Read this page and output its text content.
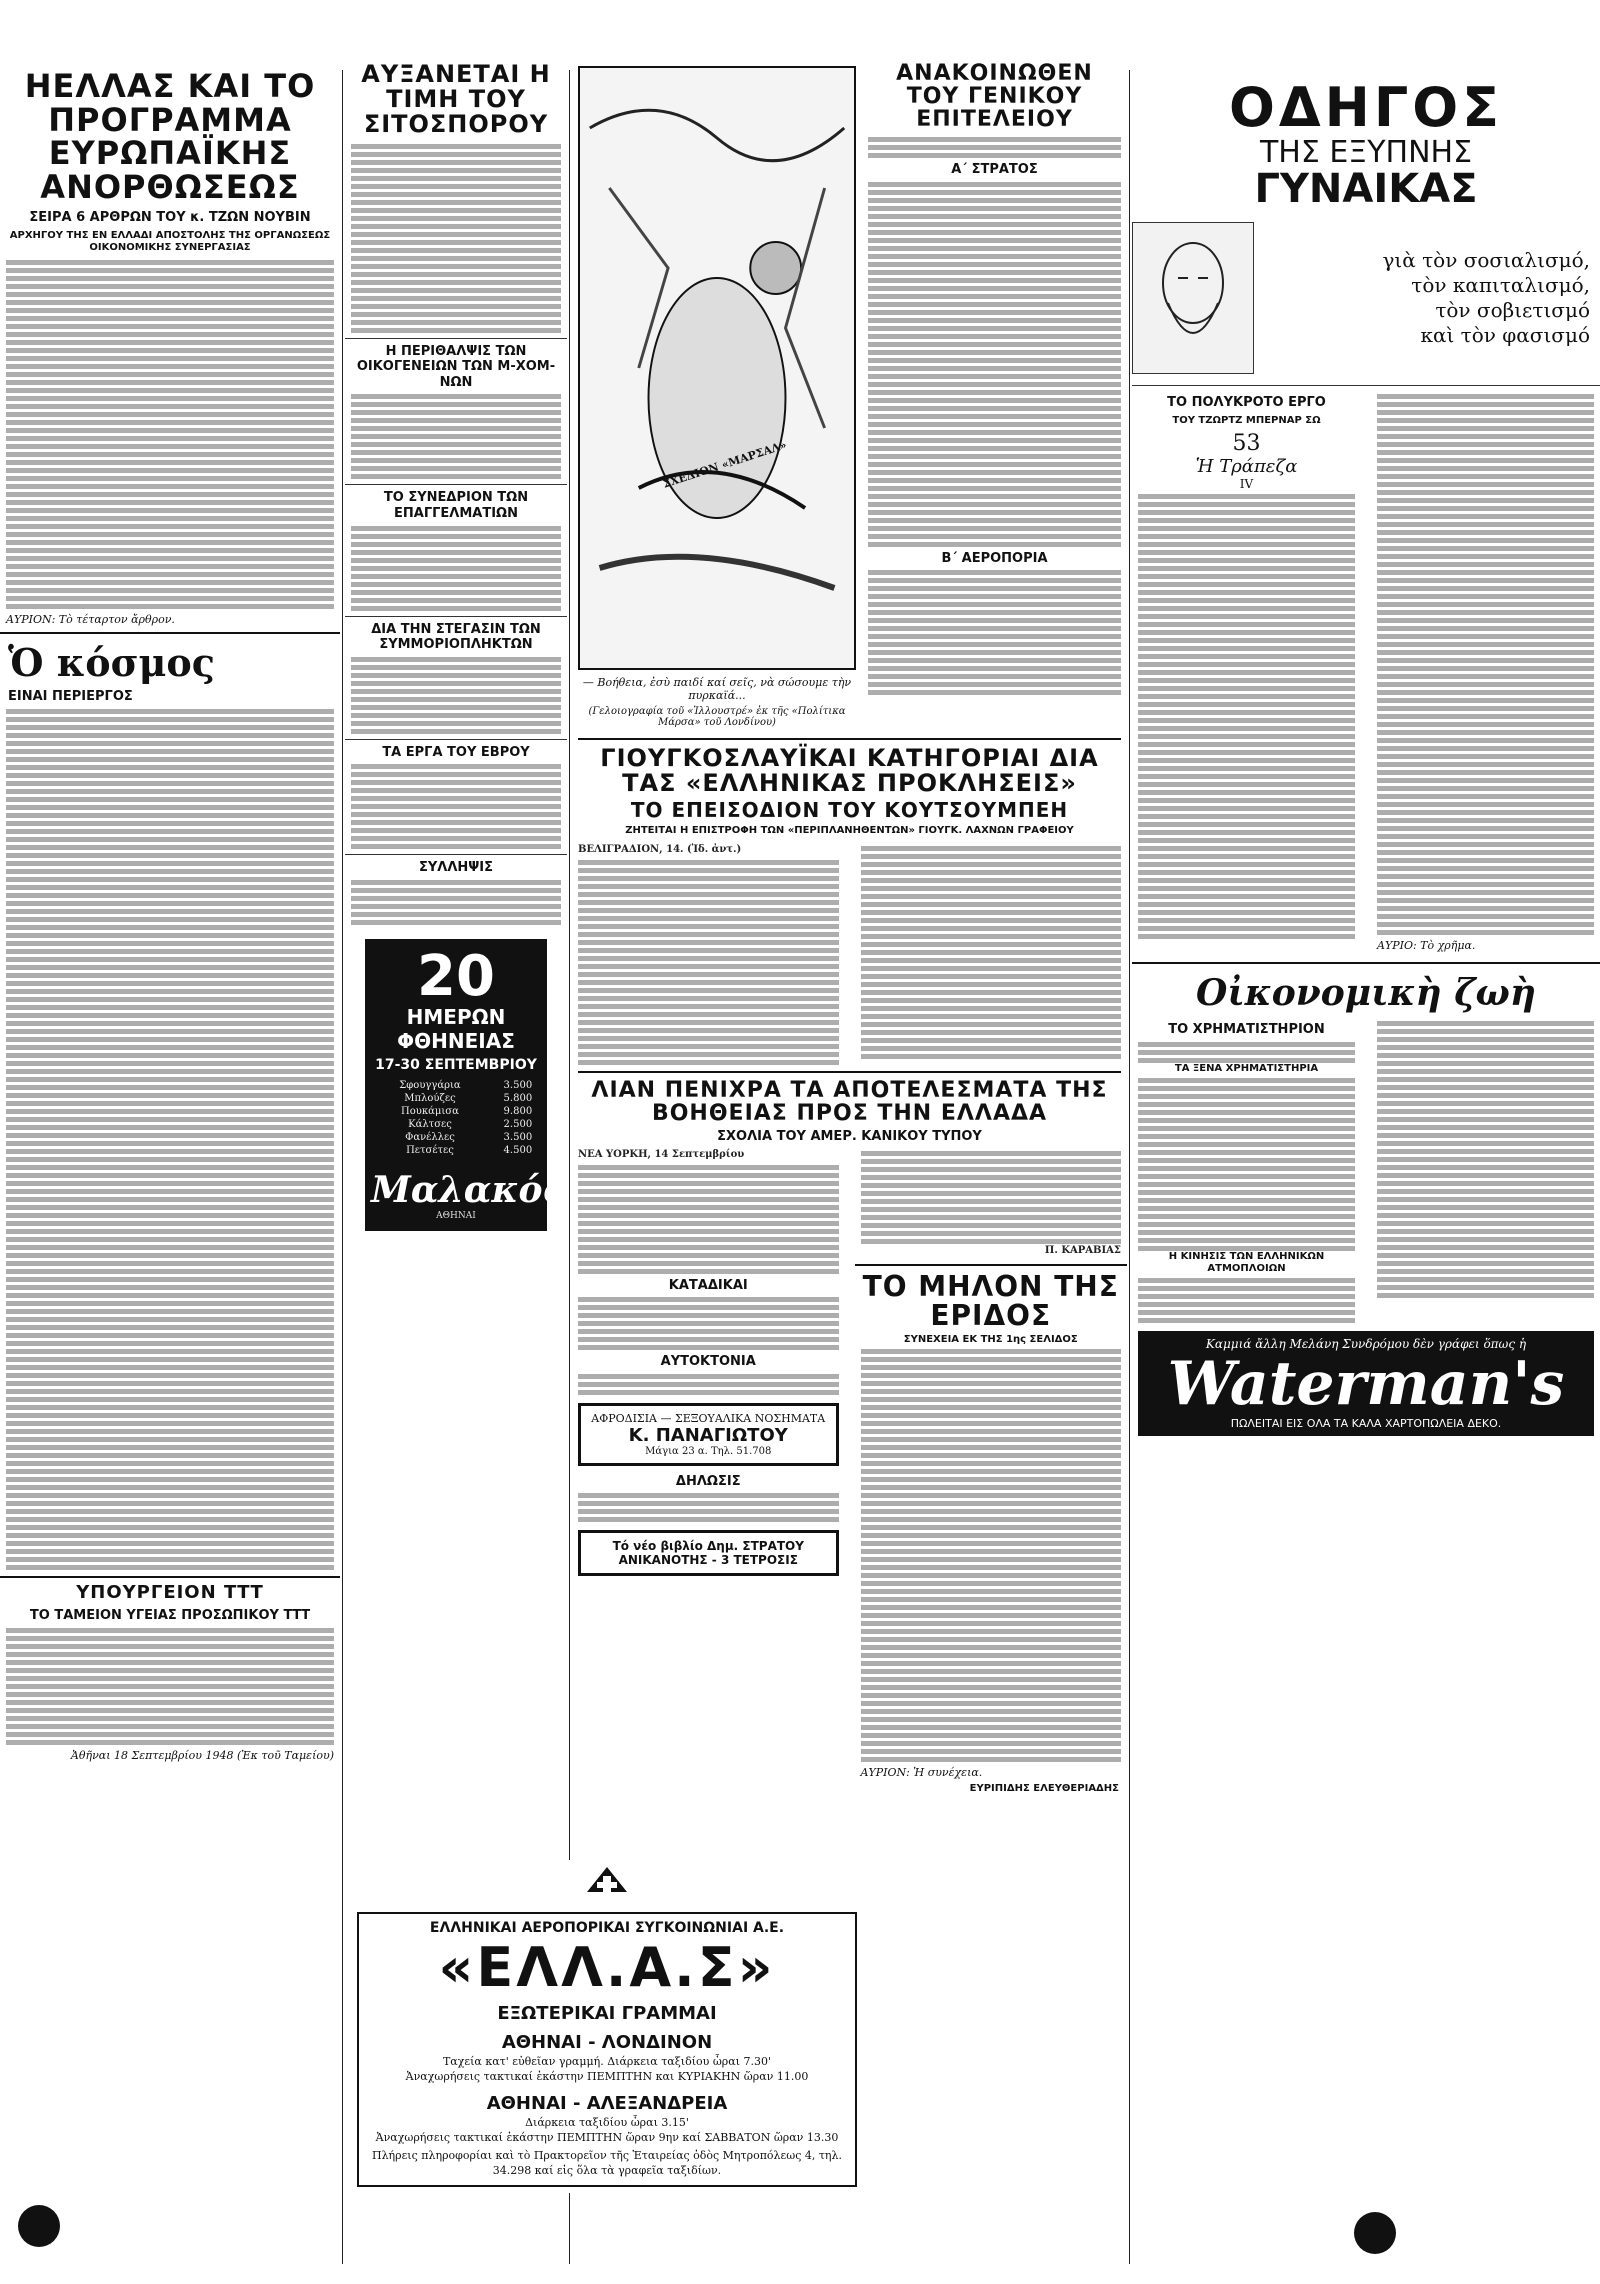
ΗΕΛΛΑΣ ΚΑΙ ΤΟ ΠΡΟΓΡΑΜΜΑ ΕΥΡΩΠΑΪΚΗΣ ΑΝΟΡΘΩΣΕΩΣ
ΣΕΙΡΑ 6 ΑΡΘΡΩΝ ΤΟΥ κ. ΤΖΩΝ ΝΟΥΒΙΝ
ΑΡΧΗΓΟΥ ΤΗΣ ΕΝ ΕΛΛΑΔΙ ΑΠΟΣΤΟΛΗΣ ΤΗΣ ΟΡΓΑΝΩΣΕΩΣ ΟΙΚΟΝΟΜΙΚΗΣ ΣΥΝΕΡΓΑΣΙΑΣ
ΑΥΡΙΟΝ: Τὸ τέταρτον ἄρθρον.
Ὁ κόσμος
ΕΙΝΑΙ ΠΕΡΙΕΡΓΟΣ
ΥΠΟΥΡΓΕΙΟΝ ΤΤΤ
ΤΟ ΤΑΜΕΙΟΝ ΥΓΕΙΑΣ ΠΡΟΣΩΠΙΚΟΥ ΤΤΤ
Ἀθῆναι 18 Σεπτεμβρίου 1948 (Ἐκ τοῦ Ταμείου)
ΑΥΞΑΝΕΤΑΙ Η ΤΙΜΗ ΤΟΥ ΣΙΤΟΣΠΟΡΟΥ
Η ΠΕΡΙΘΑΛΨΙΣ ΤΩΝ ΟΙΚΟΓΕΝΕΙΩΝ ΤΩΝ Μ-ΧΟΜ-ΝΩΝ
ΤΟ ΣΥΝΕΔΡΙΟΝ ΤΩΝ ΕΠΑΓΓΕΛΜΑΤΙΩΝ
ΔΙΑ ΤΗΝ ΣΤΕΓΑΣΙΝ ΤΩΝ ΣΥΜΜΟΡΙΟΠΛΗΚΤΩΝ
ΤΑ ΕΡΓΑ ΤΟΥ ΕΒΡΟΥ
ΣΥΛΛΗΨΙΣ
20 ΗΜΕΡΩΝ ΦΘΗΝΕΙΑΣ
17-30 ΣΕΠΤΕΜΒΡΙΟΥ
Σφουγγάρια	3.500
Μπλούζες	5.800
Πουκάμισα	9.800
Κάλτσες	2.500
Φανέλλες	3.500
Πετσέτες	4.500
Μαλακός
ΑΘΗΝΑΙ
ΣΧΕΔΙΟΝ «ΜΑΡΣΑΛ»
— Βοήθεια, ἐσὺ παιδί καί σεῖς, νὰ σώσουμε τὴν πυρκαϊά...
(Γελοιογραφία τοῦ «Ἰλλουστρέ» ἐκ τῆς «Πολίτικα Μάρσα» τοῦ Λονδίνου)
ΑΝΑΚΟΙΝΩΘΕΝ ΤΟΥ ΓΕΝΙΚΟΥ ΕΠΙΤΕΛΕΙΟΥ
Α΄ ΣΤΡΑΤΟΣ
Β΄ ΑΕΡΟΠΟΡΙΑ
ΓΙΟΥΓΚΟΣΛΑΥΪΚΑΙ ΚΑΤΗΓΟΡΙΑΙ ΔΙΑ ΤΑΣ «ΕΛΛΗΝΙΚΑΣ ΠΡΟΚΛΗΣΕΙΣ»
ΤΟ ΕΠΕΙΣΟΔΙΟΝ ΤΟΥ ΚΟΥΤΣΟΥΜΠΕΗ
ΖΗΤΕΙΤΑΙ Η ΕΠΙΣΤΡΟΦΗ ΤΩΝ «ΠΕΡΙΠΛΑΝΗΘΕΝΤΩΝ» ΓΙΟΥΓΚ. ΛΑΧΝΩΝ ΓΡΑΦΕΙΟΥ
ΒΕΛΙΓΡΑΔΙΟΝ, 14. (Ἰδ. ἀντ.)
ΛΙΑΝ ΠΕΝΙΧΡΑ ΤΑ ΑΠΟΤΕΛΕΣΜΑΤΑ ΤΗΣ ΒΟΗΘΕΙΑΣ ΠΡΟΣ ΤΗΝ ΕΛΛΑΔΑ
ΣΧΟΛΙΑ ΤΟΥ ΑΜΕΡ. ΚΑΝΙΚΟΥ ΤΥΠΟΥ
ΝΕΑ ΥΟΡΚΗ, 14 Σεπτεμβρίου
ΚΑΤΑΔΙΚΑΙ
ΑΥΤΟΚΤΟΝΙΑ
ΑΦΡΟΔΙΣΙΑ — ΣΕΞΟΥΑΛΙΚΑ ΝΟΣΗΜΑΤΑ
Κ. ΠΑΝΑΓΙΩΤΟΥ
Μάγια 23 α. Τηλ. 51.708
ΔΗΛΩΣΙΣ
Τό νέο βιβλίο Δημ. ΣΤΡΑΤΟΥ ΑΝΙΚΑΝΟΤΗΣ - 3 ΤΕΤΡΟΣΙΣ
Π. ΚΑΡΑΒΙΑΣ
ΤΟ ΜΗΛΟΝ ΤΗΣ ΕΡΙΔΟΣ
ΣΥΝΕΧΕΙΑ ΕΚ ΤΗΣ 1ης ΣΕΛΙΔΟΣ
ΑΥΡΙΟΝ: Ἡ συνέχεια.
ΕΥΡΙΠΙΔΗΣ ΕΛΕΥΘΕΡΙΑΔΗΣ
ΟΔΗΓΟΣ
ΤΗΣ ΕΞΥΠΝΗΣ
ΓΥΝΑΙΚΑΣ
γιὰ τὸν σοσιαλισμό,
τὸν καπιταλισμό,
τὸν σοβιετισμό
καὶ τὸν φασισμό
ΤΟ ΠΟΛΥΚΡΟΤΟ ΕΡΓΟ
ΤΟΥ ΤΖΩΡΤΖ ΜΠΕΡΝΑΡ ΣΩ
53
Ἡ Τράπεζα
IV
ΑΥΡΙΟ: Τὸ χρῆμα.
Οἰκονομικὴ ζωὴ
ΤΟ ΧΡΗΜΑΤΙΣΤΗΡΙΟΝ
ΤΑ ΞΕΝΑ ΧΡΗΜΑΤΙΣΤΗΡΙΑ
Η ΚΙΝΗΣΙΣ ΤΩΝ ΕΛΛΗΝΙΚΩΝ ΑΤΜΟΠΛΟΙΩΝ
Καμμιά ἄλλη Μελάνη Συνδρόμου δὲν γράφει ὅπως ἡ
Waterman's
ΠΩΛΕΙΤΑΙ ΕΙΣ ΟΛΑ ΤΑ ΚΑΛΑ ΧΑΡΤΟΠΩΛΕΙΑ ΔΕΚΟ.
ΕΛΛΗΝΙΚΑΙ ΑΕΡΟΠΟΡΙΚΑΙ ΣΥΓΚΟΙΝΩΝΙΑΙ Α.Ε.
«ΕΛΛ.Α.Σ»
ΕΞΩΤΕΡΙΚΑΙ ΓΡΑΜΜΑΙ
ΑΘΗΝΑΙ - ΛΟΝΔΙΝΟΝ
Ταχεία κατ' εὐθεῖαν γραμμή. Διάρκεια ταξιδίου ὧραι 7.30'
Ἀναχωρήσεις τακτικαί ἑκάστην ΠΕΜΠΤΗΝ και ΚΥΡΙΑΚΗΝ ὥραν 11.00
ΑΘΗΝΑΙ - ΑΛΕΞΑΝΔΡΕΙΑ
Διάρκεια ταξιδίου ὧραι 3.15'
Ἀναχωρήσεις τακτικαί ἑκάστην ΠΕΜΠΤΗΝ ὥραν 9ην καί ΣΑΒΒΑΤΟΝ ὥραν 13.30
Πλήρεις πληροφορίαι καὶ τὸ Πρακτορεῖον τῆς Ἑταιρείας ὁδὸς Μητροπόλεως 4, τηλ. 34.298 καί εἰς ὅλα τὰ γραφεῖα ταξιδίων.
